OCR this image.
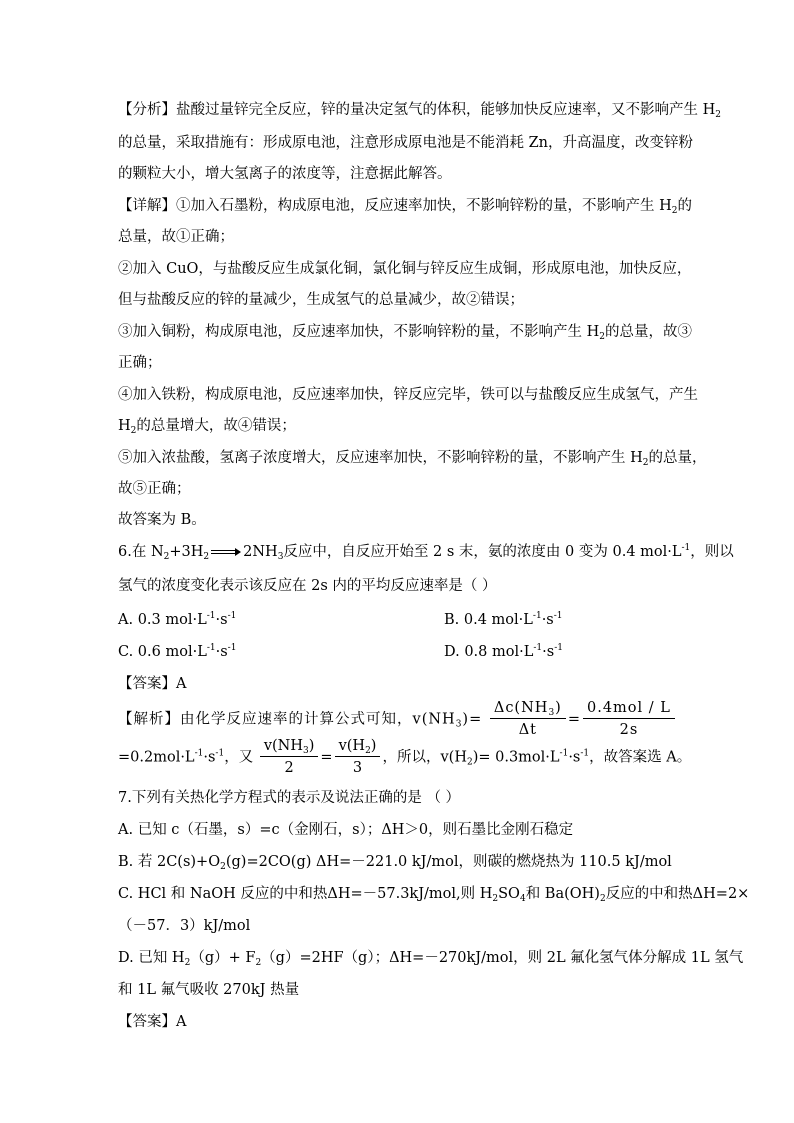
【分析】盐酸过量锌完全反应，锌的量决定氢气的体积，能够加快反应速率，又不影响产生 $H_2$
的总量，采取措施有：形成原电池，注意形成原电池是不能消耗 Zn，升高温度，改变锌粉
的颗粒大小，增大氢离子的浓度等，注意据此解答。
【详解】①加入石墨粉，构成原电池，反应速率加快，不影响锌粉的量，不影响产生 $H_2$的
总量，故①正确；
②加入 CuO，与盐酸反应生成氯化铜，氯化铜与锌反应生成铜，形成原电池，加快反应，
但与盐酸反应的锌的量减少，生成氢气的总量减少，故②错误；
③加入铜粉，构成原电池，反应速率加快，不影响锌粉的量，不影响产生 $H_2$的总量，故③
正确；
④加入铁粉，构成原电池，反应速率加快，锌反应完毕，铁可以与盐酸反应生成氢气，产生
$H_2$的总量增大，故④错误；
⑤加入浓盐酸，氢离子浓度增大，反应速率加快，不影响锌粉的量，不影响产生 $H_2$的总量，
故⑤正确；
故答案为 B。
6.在 $N_2+3H_2$ $2NH_3$反应中，自反应开始至 2 s 末，氨的浓度由 0 变为 0.4 $mol\cdot L^{-1}$，则以
氢气的浓度变化表示该反应在 2s 内的平均反应速率是（ ）
A. 0.3 $mol\cdot L^{-1}\cdot s^{-1}$	B. 0.4 $mol\cdot L^{-1}\cdot s^{-1}$
C. 0.6 $mol\cdot L^{-1}\cdot s^{-1}$	D. 0.8 $mol\cdot L^{-1}\cdot s^{-1}$
【答案】A
【解析】由化学反应速率的计算公式可知，$v(NH_3)= \frac{\Delta c(NH_3)}{\Delta t} = \frac{\text{0.4mol / L}}{2s}$
$=0.2mol\cdot L^{-1}\cdot s^{-1}$，又 $\frac{v(NH_3)}{2} = \frac{v(H_2)}{3}$ ，所以，$v(H_2)= 0.3mol\cdot L^{-1}\cdot s^{-1}$，故答案选 A。
7.下列有关热化学方程式的表示及说法正确的是 （ ）
A. 已知 c（石墨，s）=c（金刚石，s）；ΔH＞0，则石墨比金刚石稳定
B. 若 $2C(s)+O_2(g)=2CO(g)$ ΔH=－221.0 kJ/mol，则碳的燃烧热为 110.5 kJ/mol
C. HCl 和 NaOH 反应的中和热ΔH=－57.3kJ/mol,则 $H_2SO_4$和 $Ba(OH)_2$反应的中和热ΔH=2×
（－57．3）kJ/mol
D. 已知 $H_2(g)+ F_2(g)=2HF(g)$；ΔH=－270kJ/mol，则 2L 氟化氢气体分解成 1L 氢气
和 1L 氟气吸收 270kJ 热量
【答案】A
